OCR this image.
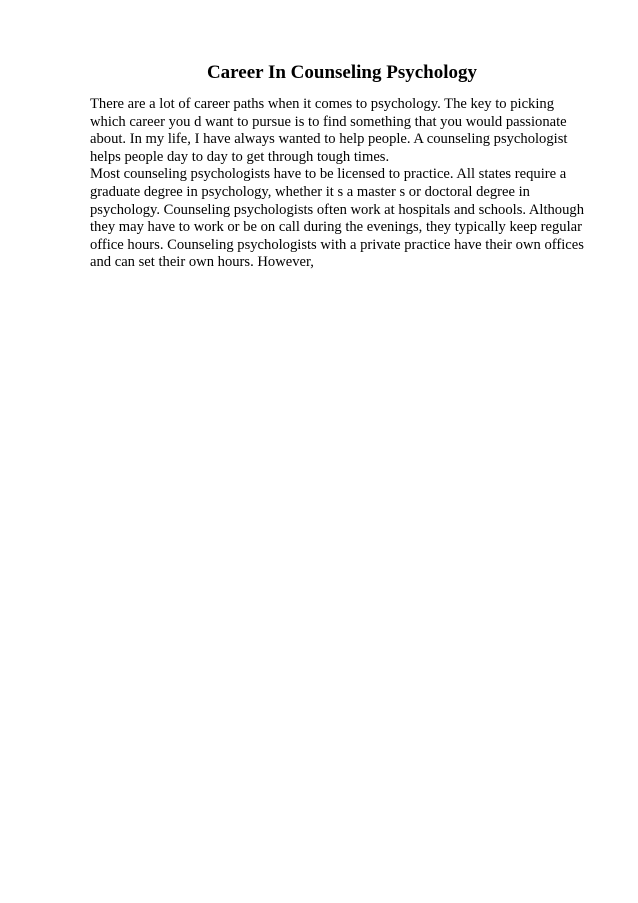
Career In Counseling Psychology
There are a lot of career paths when it comes to psychology. The key to picking
which career you d want to pursue is to find something that you would passionate
about. In my life, I have always wanted to help people. A counseling psychologist
helps people day to day to get through tough times.
Most counseling psychologists have to be licensed to practice. All states require a
graduate degree in psychology, whether it s a master s or doctoral degree in
psychology. Counseling psychologists often work at hospitals and schools. Although
they may have to work or be on call during the evenings, they typically keep regular
office hours. Counseling psychologists with a private practice have their own offices
and can set their own hours. However,
